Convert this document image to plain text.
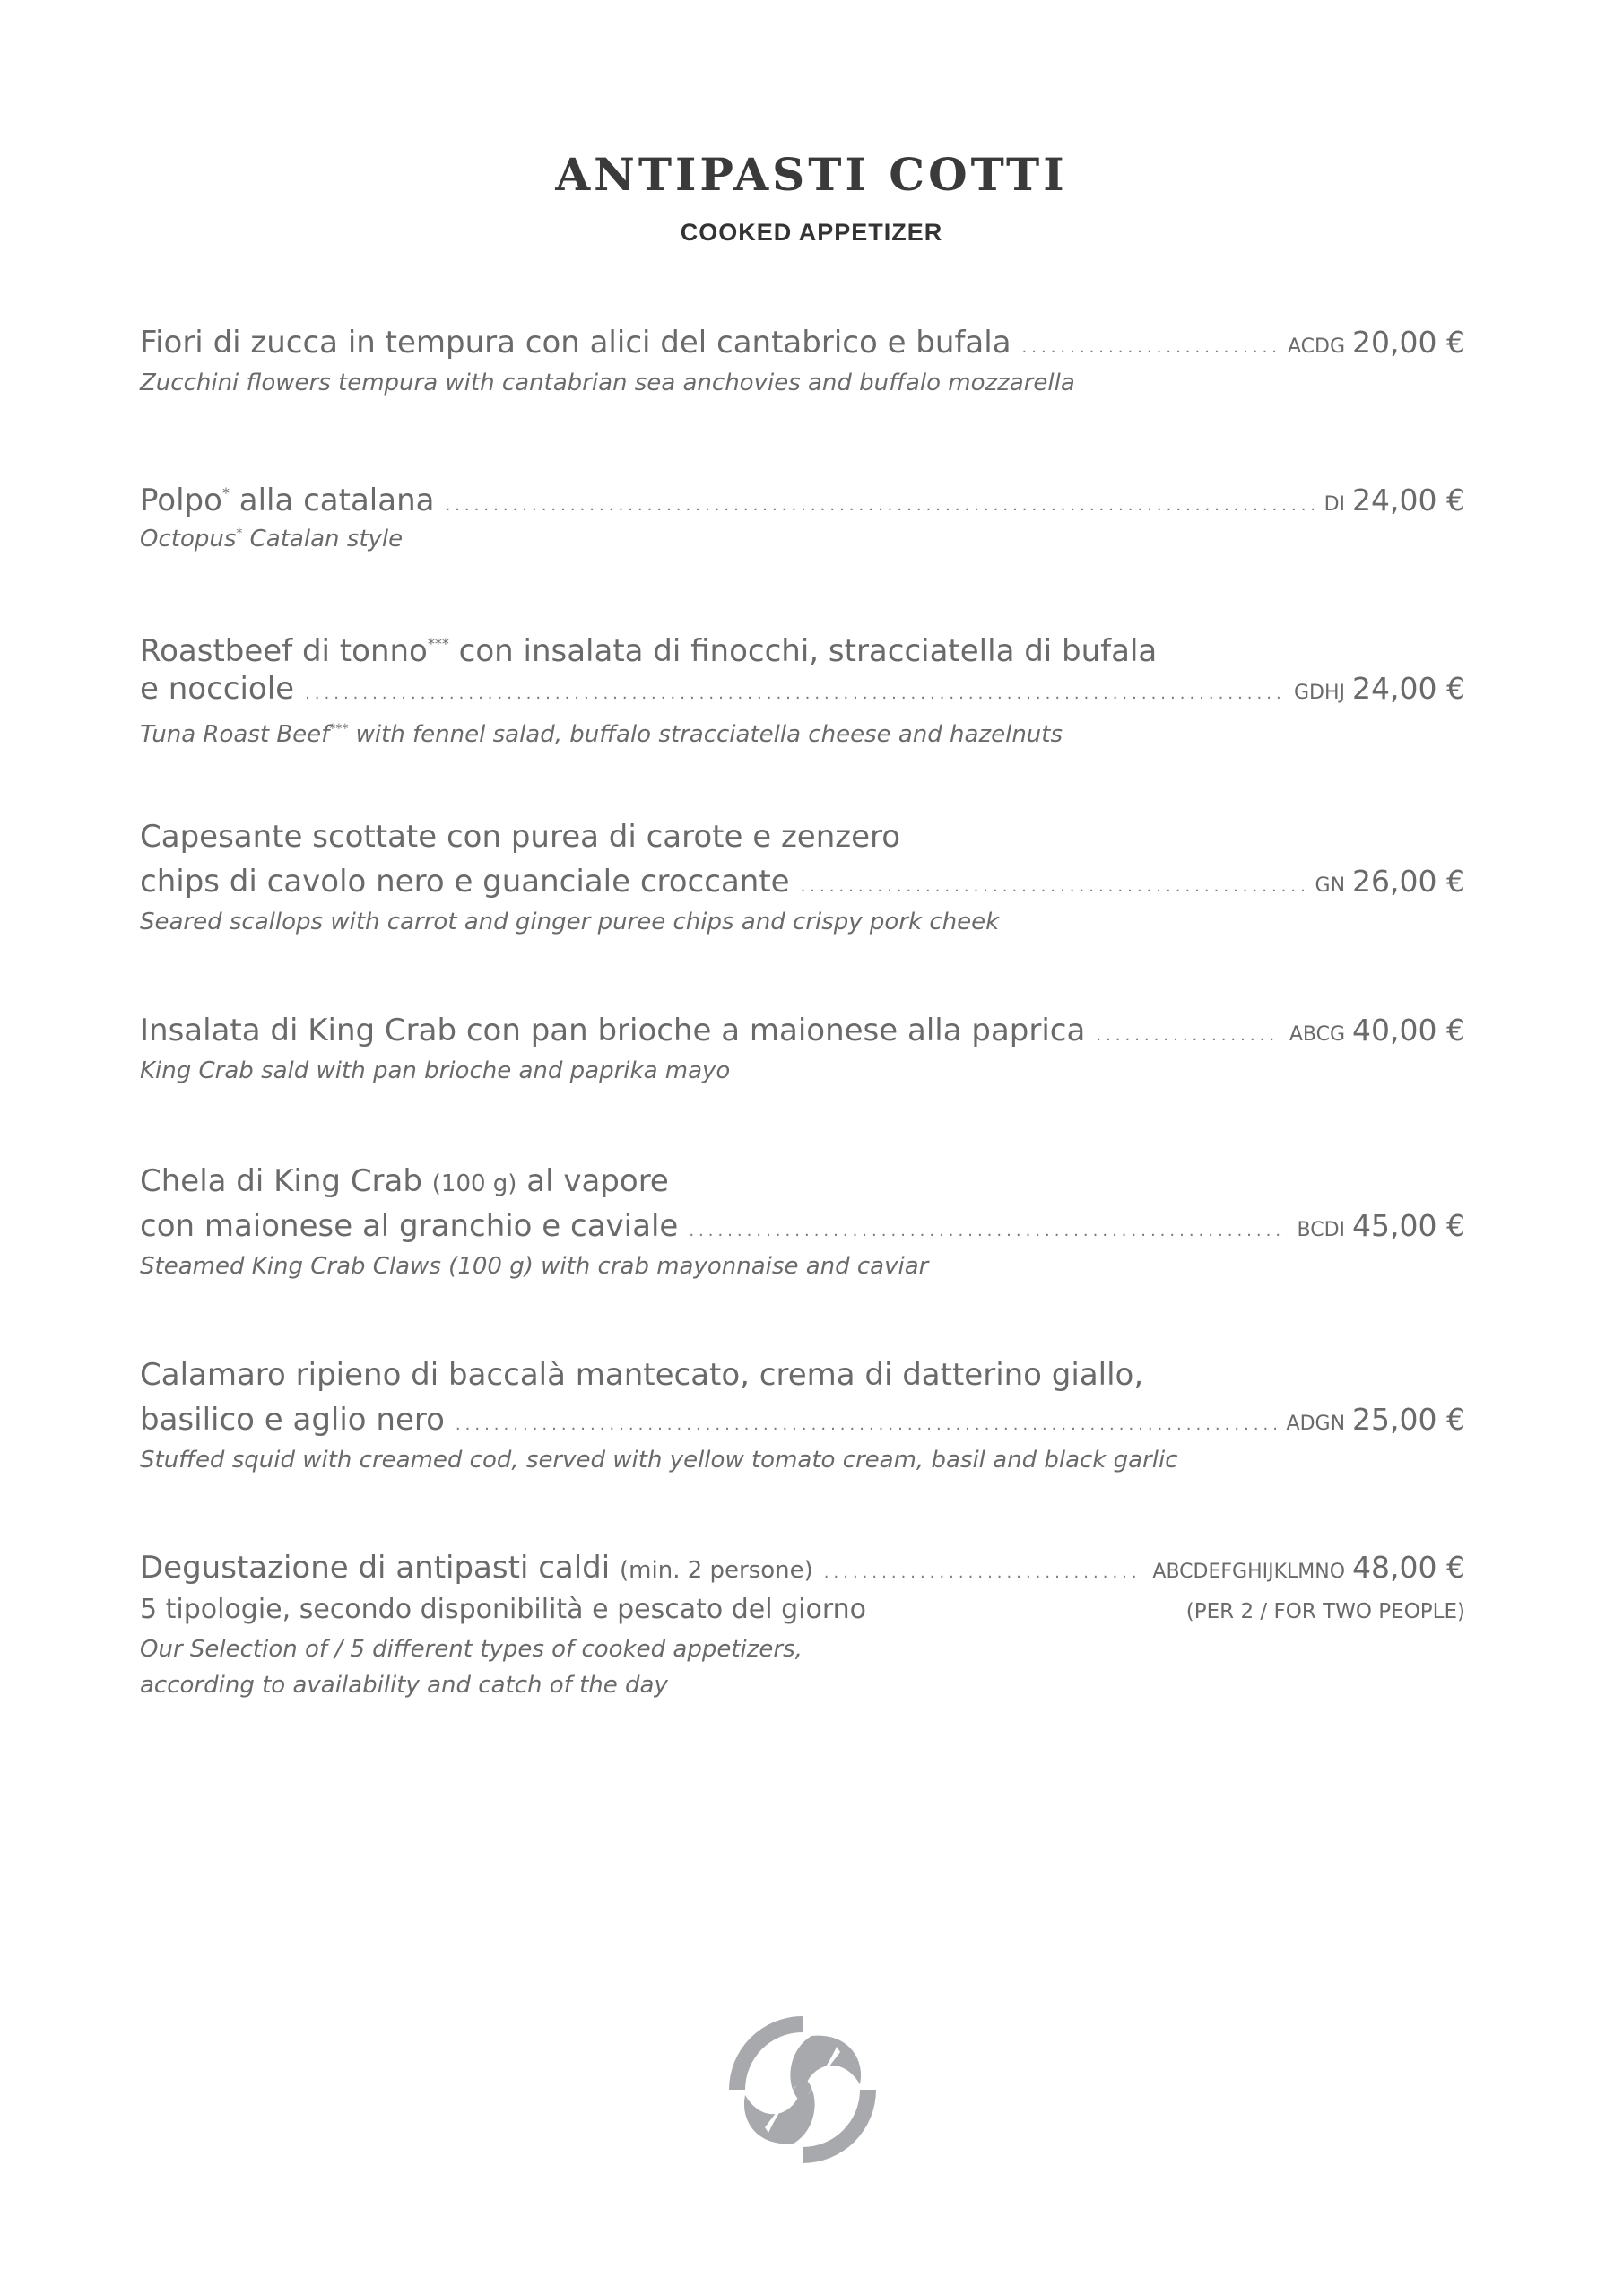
ANTIPASTI COTTI
COOKED APPETIZER
Fiori di zucca in tempura con alici del cantabrico e bufala .....	ACDG 20,00 €
Zucchini flowers tempura with cantabrian sea anchovies and buffalo mozzarella
Polpo* alla catalana .....	DI 24,00 €
Octopus* Catalan style
Roastbeef di tonno*** con insalata di finocchi, stracciatella di bufala
e nocciole .....	GDHJ 24,00 €
Tuna Roast Beef*** with fennel salad, buffalo stracciatella cheese and hazelnuts
Capesante scottate con purea di carote e zenzero
chips di cavolo nero e guanciale croccante .....	GN 26,00 €
Seared scallops with carrot and ginger puree chips and crispy pork cheek
Insalata di King Crab con pan brioche a maionese alla paprica .....	ABCG 40,00 €
King Crab sald with pan brioche and paprika mayo
Chela di King Crab (100 g) al vapore
con maionese al granchio e caviale .....	BCDI 45,00 €
Steamed King Crab Claws (100 g) with crab mayonnaise and caviar
Calamaro ripieno di baccalà mantecato, crema di datterino giallo,
basilico e aglio nero .....	ADGN 25,00 €
Stuffed squid with creamed cod, served with yellow tomato cream, basil and black garlic
Degustazione di antipasti caldi (min. 2 persone) .....	ABCDEFGHIJKLMNO 48,00 €
5 tipologie, secondo disponibilità e pescato del giorno	(PER 2 / FOR TWO PEOPLE)
Our Selection of / 5 different types of cooked appetizers,
according to availability and catch of the day
